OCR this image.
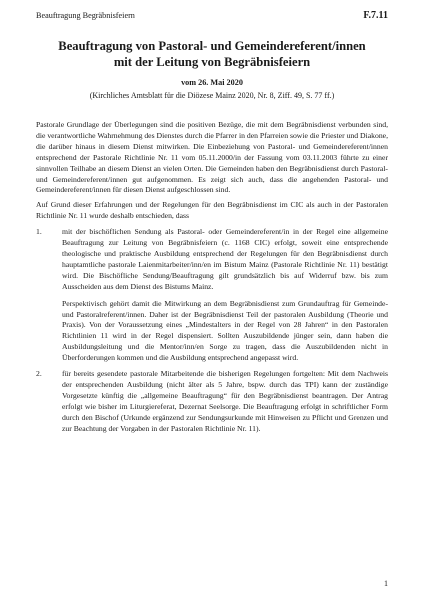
Beauftragung Begräbnisfeiern	F.7.11
Beauftragung von Pastoral- und Gemeindereferent/innen
mit der Leitung von Begräbnisfeiern
vom 26. Mai 2020
(Kirchliches Amtsblatt für die Diözese Mainz 2020, Nr. 8, Ziff. 49, S. 77 ff.)

Pastorale Grundlage der Überlegungen sind die positiven Bezüge, die mit dem Begräbnisdienst verbunden sind, die verantwortliche Wahrnehmung des Dienstes durch die Pfarrer in den Pfarreien sowie die Priester und Diakone, die darüber hinaus in diesem Dienst mitwirken. Die Einbeziehung von Pastoral- und Gemeindereferent/innen entsprechend der Pastorale Richtlinie Nr. 11 vom 05.11.2000/in der Fassung vom 03.11.2003 führte zu einer sinnvollen Teilhabe an diesem Dienst an vielen Orten. Die Gemeinden haben den Begräbnisdienst durch Pastoral- und Gemeindereferent/innen gut aufgenommen. Es zeigt sich auch, dass die angehenden Pastoral- und Gemeindereferent/innen für diesen Dienst aufgeschlossen sind.

Auf Grund dieser Erfahrungen und der Regelungen für den Begräbnisdienst im CIC als auch in der Pastoralen Richtlinie Nr. 11 wurde deshalb entschieden, dass

1.	mit der bischöflichen Sendung als Pastoral- oder Gemeindereferent/in in der Regel eine allgemeine Beauftragung zur Leitung von Begräbnisfeiern (c. 1168 CIC) erfolgt, soweit eine entsprechende theologische und praktische Ausbildung entsprechend der Regelungen für den Begräbnisdienst durch hauptamtliche pastorale Laienmitarbeiter/inn/en im Bistum Mainz (Pastorale Richtlinie Nr. 11) bestätigt wird. Die Bischöfliche Sendung/Beauftragung gilt grundsätzlich bis auf Widerruf bzw. bis zum Ausscheiden aus dem Dienst des Bistums Mainz.

Perspektivisch gehört damit die Mitwirkung an dem Begräbnisdienst zum Grundauftrag für Gemeinde- und Pastoralreferent/innen. Daher ist der Begräbnisdienst Teil der pastoralen Ausbildung (Theorie und Praxis). Von der Voraussetzung eines „Mindestalters in der Regel von 28 Jahren“ in den Pastoralen Richtlinien 11 wird in der Regel dispensiert. Sollten Auszubildende jünger sein, dann haben die Ausbildungsleitung und die Mentor/inn/en Sorge zu tragen, dass die Auszubildenden nicht in Überforderungen kommen und die Ausbildung entsprechend angepasst wird.

2.	für bereits gesendete pastorale Mitarbeitende die bisherigen Regelungen fortgelten: Mit dem Nachweis der entsprechenden Ausbildung (nicht älter als 5 Jahre, bspw. durch das TPI) kann der zuständige Vorgesetzte künftig die „allgemeine Beauftragung“ für den Begräbnisdienst beantragen. Der Antrag erfolgt wie bisher im Liturgiereferat, Dezernat Seelsorge. Die Beauftragung erfolgt in schriftlicher Form durch den Bischof (Urkunde ergänzend zur Sendungsurkunde mit Hinweisen zu Pflicht und Grenzen und zur Beachtung der Vorgaben in der Pastoralen Richtlinie Nr. 11).

1
